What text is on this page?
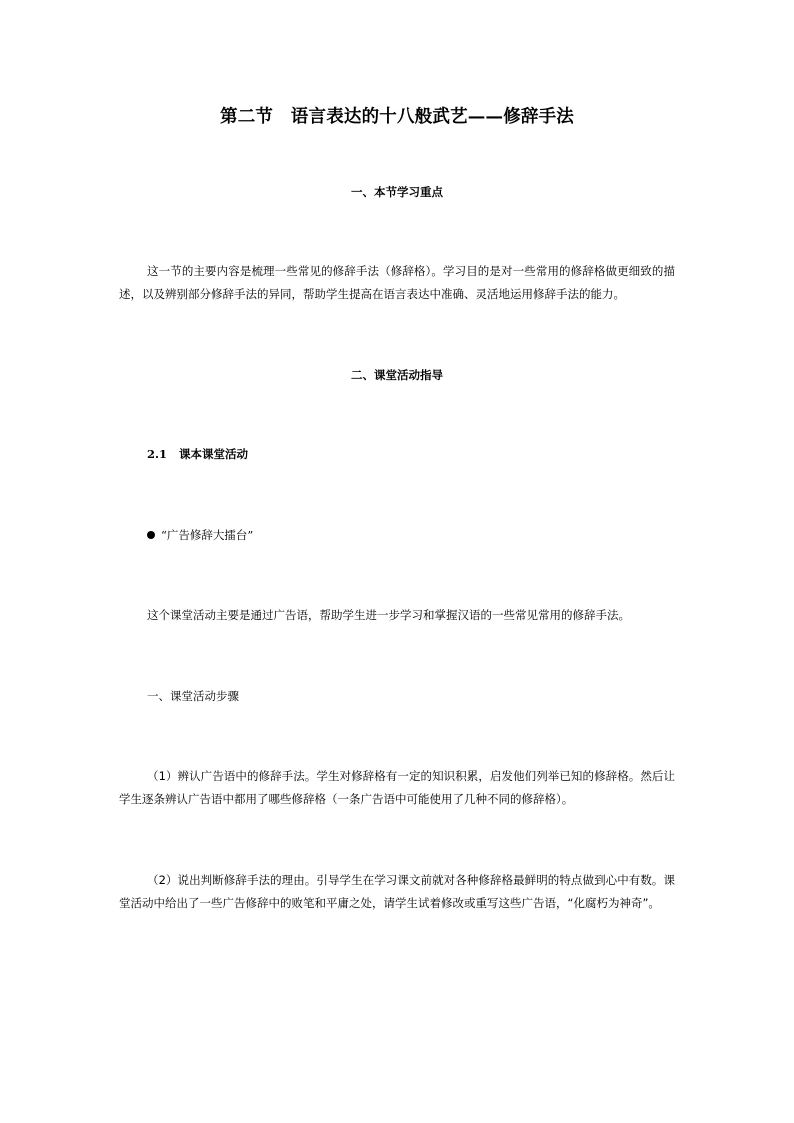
第二节　语言表达的十八般武艺——修辞手法
一、本节学习重点
这一节的主要内容是梳理一些常见的修辞手法（修辞格）。学习目的是对一些常用的修辞格做更细致的描述，以及辨别部分修辞手法的异同，帮助学生提高在语言表达中准确、灵活地运用修辞手法的能力。
二、课堂活动指导
2.1 课本课堂活动
“广告修辞大擂台”
这个课堂活动主要是通过广告语，帮助学生进一步学习和掌握汉语的一些常见常用的修辞手法。
一、课堂活动步骤
（1）辨认广告语中的修辞手法。学生对修辞格有一定的知识积累，启发他们列举已知的修辞格。然后让学生逐条辨认广告语中都用了哪些修辞格（一条广告语中可能使用了几种不同的修辞格）。
（2）说出判断修辞手法的理由。引导学生在学习课文前就对各种修辞格最鲜明的特点做到心中有数。课堂活动中给出了一些广告修辞中的败笔和平庸之处，请学生试着修改或重写这些广告语，“化腐朽为神奇”。
